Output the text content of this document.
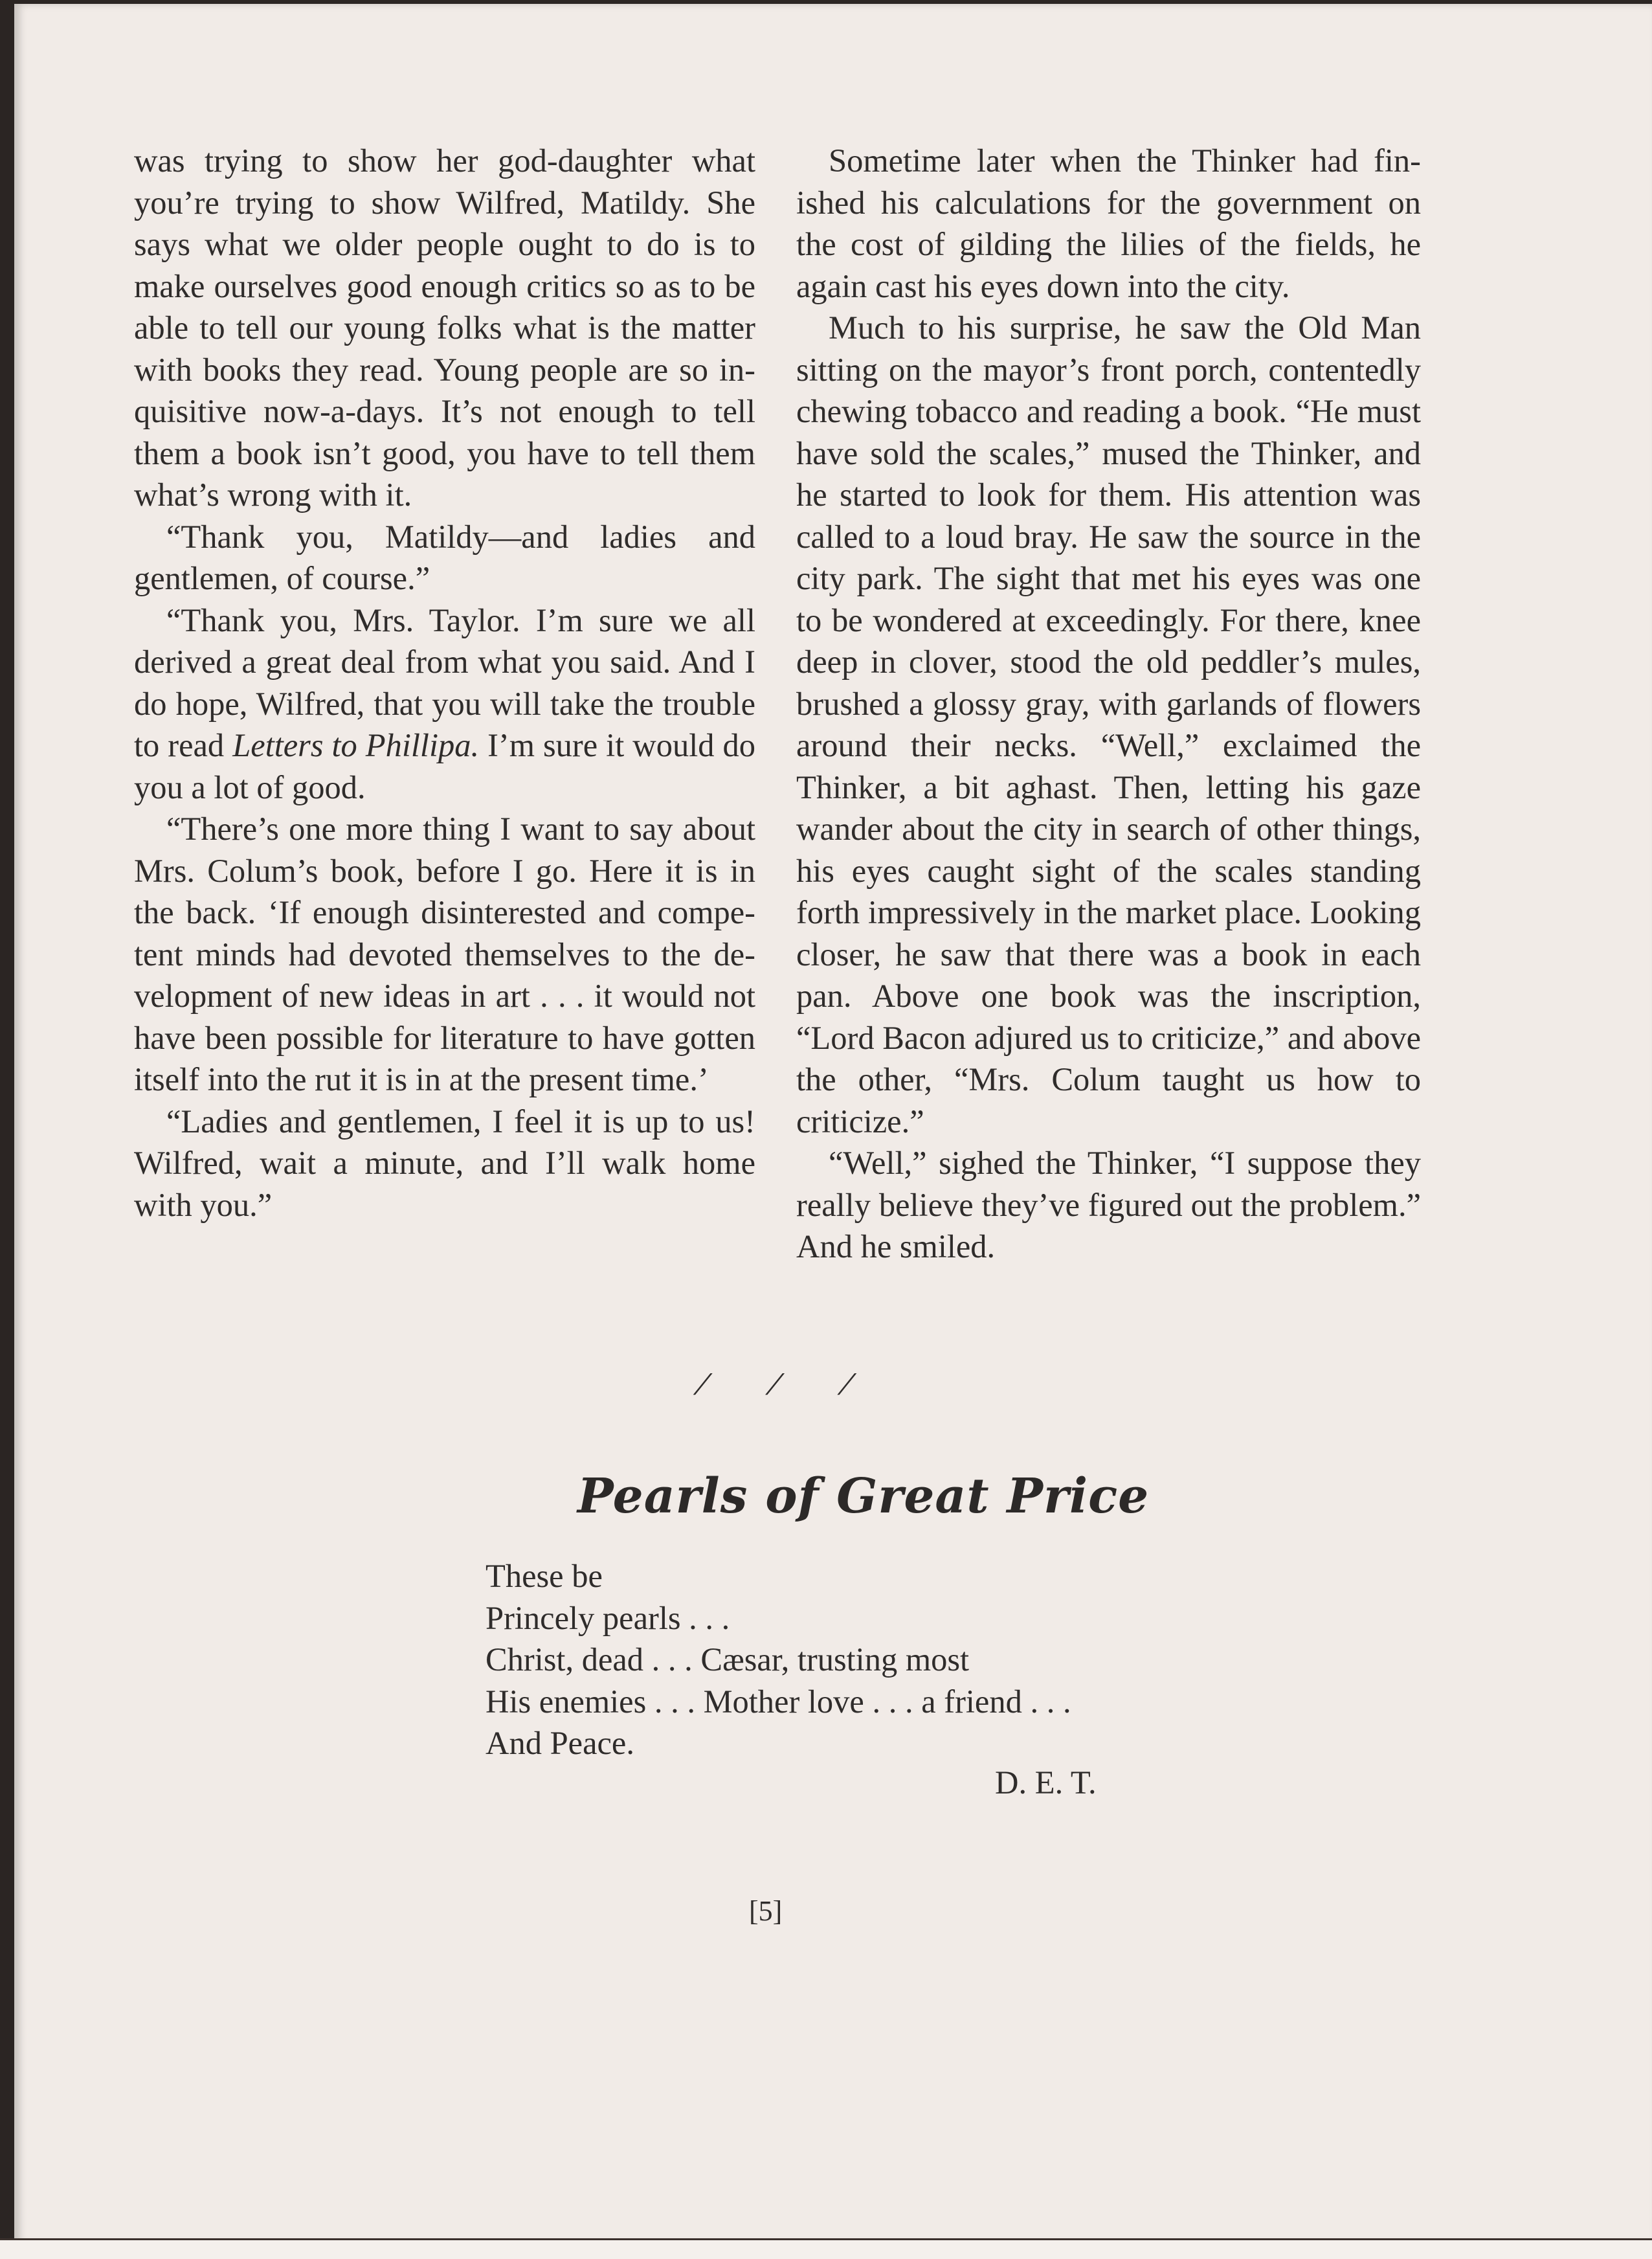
was trying to show her god-daughter what you’re trying to show Wilfred, Matildy. She says what we older people ought to do is to make ourselves good enough critics so as to be able to tell our young folks what is the matter with books they read. Young people are so inquisitive now-a-days. It’s not enough to tell them a book isn’t good, you have to tell them what’s wrong with it.

“Thank you, Matildy—and ladies and gentlemen, of course.”

“Thank you, Mrs. Taylor. I’m sure we all derived a great deal from what you said. And I do hope, Wilfred, that you will take the trouble to read Letters to Phillipa. I’m sure it would do you a lot of good.

“There’s one more thing I want to say about Mrs. Colum’s book, before I go. Here it is in the back. ‘If enough disinterested and competent minds had devoted themselves to the development of new ideas in art . . . it would not have been possible for literature to have gotten itself into the rut it is in at the present time.’

“Ladies and gentlemen, I feel it is up to us! Wilfred, wait a minute, and I’ll walk home with you.”

Sometime later when the Thinker had finished his calculations for the government on the cost of gilding the lilies of the fields, he again cast his eyes down into the city.

Much to his surprise, he saw the Old Man sitting on the mayor’s front porch, contentedly chewing tobacco and reading a book. “He must have sold the scales,” mused the Thinker, and he started to look for them. His attention was called to a loud bray. He saw the source in the city park. The sight that met his eyes was one to be wondered at exceedingly. For there, knee deep in clover, stood the old peddler’s mules, brushed a glossy gray, with garlands of flowers around their necks. “Well,” exclaimed the Thinker, a bit aghast. Then, letting his gaze wander about the city in search of other things, his eyes caught sight of the scales standing forth impressively in the market place. Looking closer, he saw that there was a book in each pan. Above one book was the inscription, “Lord Bacon adjured us to criticize,” and above the other, “Mrs. Colum taught us how to criticize.”

“Well,” sighed the Thinker, “I suppose they really believe they’ve figured out the problem.” And he smiled.

⁄ ⁄ ⁄
Pearls of Great Price
These be
Princely pearls . . .
Christ, dead . . . Cæsar, trusting most
His enemies . . . Mother love . . . a friend . . .
And Peace.
D. E. T.
[5]
